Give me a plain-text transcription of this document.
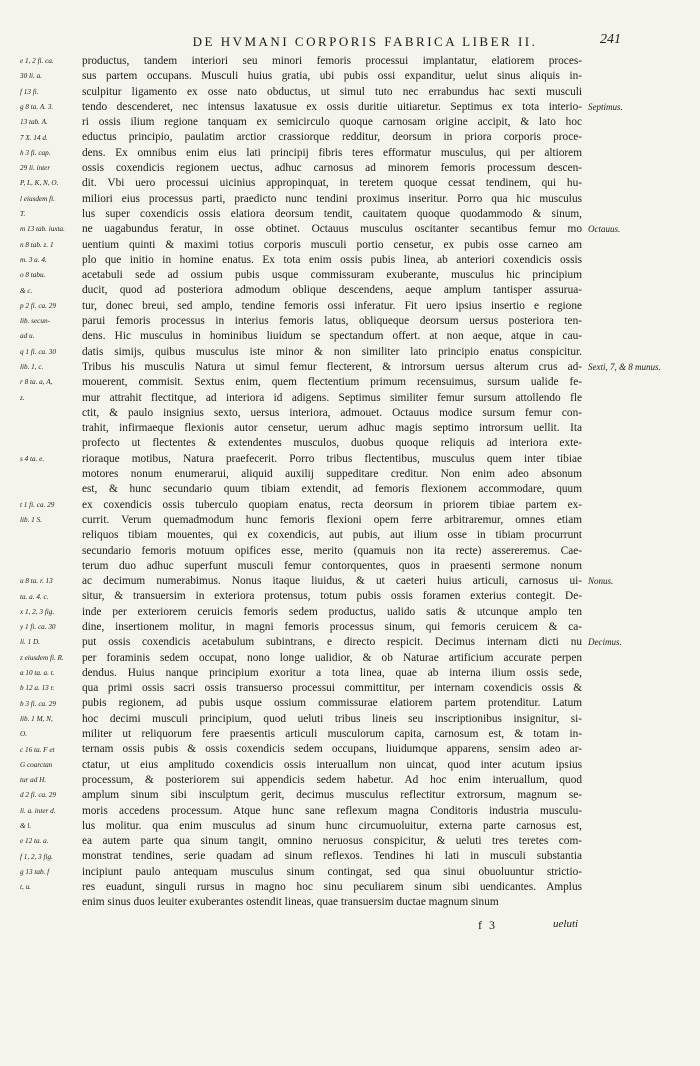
DE HVMANI CORPORIS FABRICA LIBER II.	241
productus, tandem interiori seu minori femoris processui implantatur, elatiorem proces-
sus partem occupans. Musculi huius gratia, ubi pubis ossi expanditur, uelut sinus aliquis in-
sculpitur ligamento ex osse nato obductus, ut simul tuto nec errabundus hac sexti musculi
tendo descenderet, nec intensus laxatusue ex ossis duritie uitiaretur. Septimus ex tota interio-
ri ossis ilium regione tanquam ex semicirculo quoque carnosam origine accipit, & lato hoc
eductus principio, paulatim arctior crassiorque redditur, deorsum in priora corporis proce-
dens. Ex omnibus enim eius lati principij fibris teres efformatur musculus, qui per altiorem
ossis coxendicis regionem uectus, adhuc carnosus ad minorem femoris processum descen-
dit. Vbi uero processui uicinius appropinquat, in teretem quoque cessat tendinem, qui hu-
miliori eius processus parti, praedicto nunc tendini proximus inseritur. Porro qua hic musculus
lus super coxendicis ossis elatiora deorsum tendit, cauitatem quoque quodammodo & sinum,
ne uagabundus feratur, in osse obtinet. Octauus musculus oscitanter secantibus femur mo
uentium quinti & maximi totius corporis musculi portio censetur, ex pubis osse carneo am
plo que initio in homine enatus. Ex tota enim ossis pubis linea, ab anteriori coxendicis ossis
acetabuli sede ad ossium pubis usque commissuram exuberante, musculus hic principium
ducit, quod ad posteriora admodum oblique descendens, aeque amplum tantisper assurua-
tur, donec breui, sed amplo, tendine femoris ossi inferatur. Fit uero ipsius insertio e regione
parui femoris processus in interius femoris latus, obliqueque deorsum uersus posteriora ten-
dens. Hic musculus in hominibus liuidum se spectandum offert. at non aeque, atque in cau-
datis simijs, quibus musculus iste minor & non similiter lato principio enatus conspicitur.
Tribus his musculis Natura ut simul femur flecterent, & introrsum uersus alterum crus ad-
mouerent, commisit. Sextus enim, quem flectentium primum recensuimus, sursum ualide fe-
mur attrahit flectitque, ad interiora id adigens. Septimus similiter femur sursum attollendo fle
ctit, & paulo insignius sexto, uersus interiora, admouet. Octauus modice sursum femur con-
trahit, infirmaeque flexionis autor censetur, uerum adhuc magis septimo introrsum uellit. Ita
profecto ut flectentes & extendentes musculos, duobus quoque reliquis ad interiora exte-
rioraque motibus, Natura praefecerit. Porro tribus flectentibus, musculus quem inter tibiae
motores nonum enumerarui, aliquid auxilij suppeditare creditur. Non enim adeo absonum
est, & hunc secundario quum tibiam extendit, ad femoris flexionem accommodare, quum
ex coxendicis ossis tuberculo quopiam enatus, recta deorsum in priorem tibiae partem ex-
currit. Verum quemadmodum hunc femoris flexioni opem ferre arbitraremur, omnes etiam
reliquos tibiam mouentes, qui ex coxendicis, aut pubis, aut ilium osse in tibiam procurrunt
secundario femoris motuum opifices esse, merito (quamuis non ita recte) assereremus. Cae-
terum duo adhuc superfunt musculi femur contorquentes, quos in praesenti sermone nonum
ac decimum numerabimus. Nonus itaque liuidus, & ut caeteri huius articuli, carnosus ui-
situr, & transuersim in exteriora protensus, totum pubis ossis foramen exterius contegit. De-
inde per exteriorem ceruicis femoris sedem productus, ualido satis & utcunque amplo ten
dine, insertionem molitur, in magni femoris processus sinum, qui femoris ceruicem & ca-
put ossis coxendicis acetabulum subintrans, e directo respicit. Decimus internam dicti nu
per foraminis sedem occupat, nono longe ualidior, & ob Naturae artificium accurate perpen
dendus. Huius nanque principium exoritur a tota linea, quae ab interna ilium ossis sede,
qua primi ossis sacri ossis transuerso processui committitur, per internam coxendicis ossis &
pubis regionem, ad pubis usque ossium commissurae elatiorem partem protenditur. Latum
hoc decimi musculi principium, quod ueluti tribus lineis seu inscriptionibus insignitur, si-
militer ut reliquorum fere praesentis articuli musculorum capita, carnosum est, & totam in-
ternam ossis pubis & ossis coxendicis sedem occupans, liuidumque apparens, sensim adeo ar-
ctatur, ut eius amplitudo coxendicis ossis interuallum non uincat, quod inter acutum ipsius
processum, & posteriorem sui appendicis sedem habetur. Ad hoc enim interuallum, quod
amplum sinum sibi insculptum gerit, decimus musculus reflectitur extrorsum, magnum se-
moris accedens processum. Atque hunc sane reflexum magna Conditoris industria musculu-
lus molitur. qua enim musculus ad sinum hunc circumuoluitur, externa parte carnosus est,
ea autem parte qua sinum tangit, omnino neruosus conspicitur, & ueluti tres teretes com-
monstrat tendines, serie quadam ad sinum reflexos. Tendines hi lati in musculi substantia
incipiunt paulo antequam musculus sinum contingat, sed qua sinui obuoluuntur strictio-
res euadunt, singuli rursus in magno hoc sinu peculiarem sinum sibi uendicantes. Amplus
enim sinus duos leuiter exuberantes ostendit lineas, quae transuersim ductae magnum sinum
e 1, 2 fi. ca.
30 li. a.
f 13 fi.
g 8 ta. A. 3.
13 tab. A.
7 X. 14 d.
h 3 fi. cap.
29 li. inter
P, L, K, N, O.
l eiusdem fi.
T.
m 13 tab. iuxta.
n 8 tab. z. 1
m. 3 a. 4.
o 8 tabu.
& c.
p 2 fi. ca. 29
lib. secun-
ad u.
q 1 fi. ca. 30
lib. 1, c.
r 8 ta. a, A,
z.
s 4 ta. e.
t 1 fi. ca. 29
lib. 1 S.
u 8 ta. r. 13
ta. a. 4. c.
x 1, 2, 3 fig.
y 1 fi. ca. 30
li. 1 D.
z eiusdem fi. R.
a 10 ta. a. t.
b 12 a. 13 r.
b 3 fi. ca. 29
lib. 1 M, N,
O.
c 16 ta. F et
G coarctan
tur ad H.
d 2 fi. ca. 29
li. a. inter d.
& l.
e 12 ta. a.
f 1, 2, 3 fig.
g 13 tab. f
t, u.
Septimus.
Octauus.
Sexti, 7, & 8 munus.
Nonus.
Decimus.
f 3	ueluti
